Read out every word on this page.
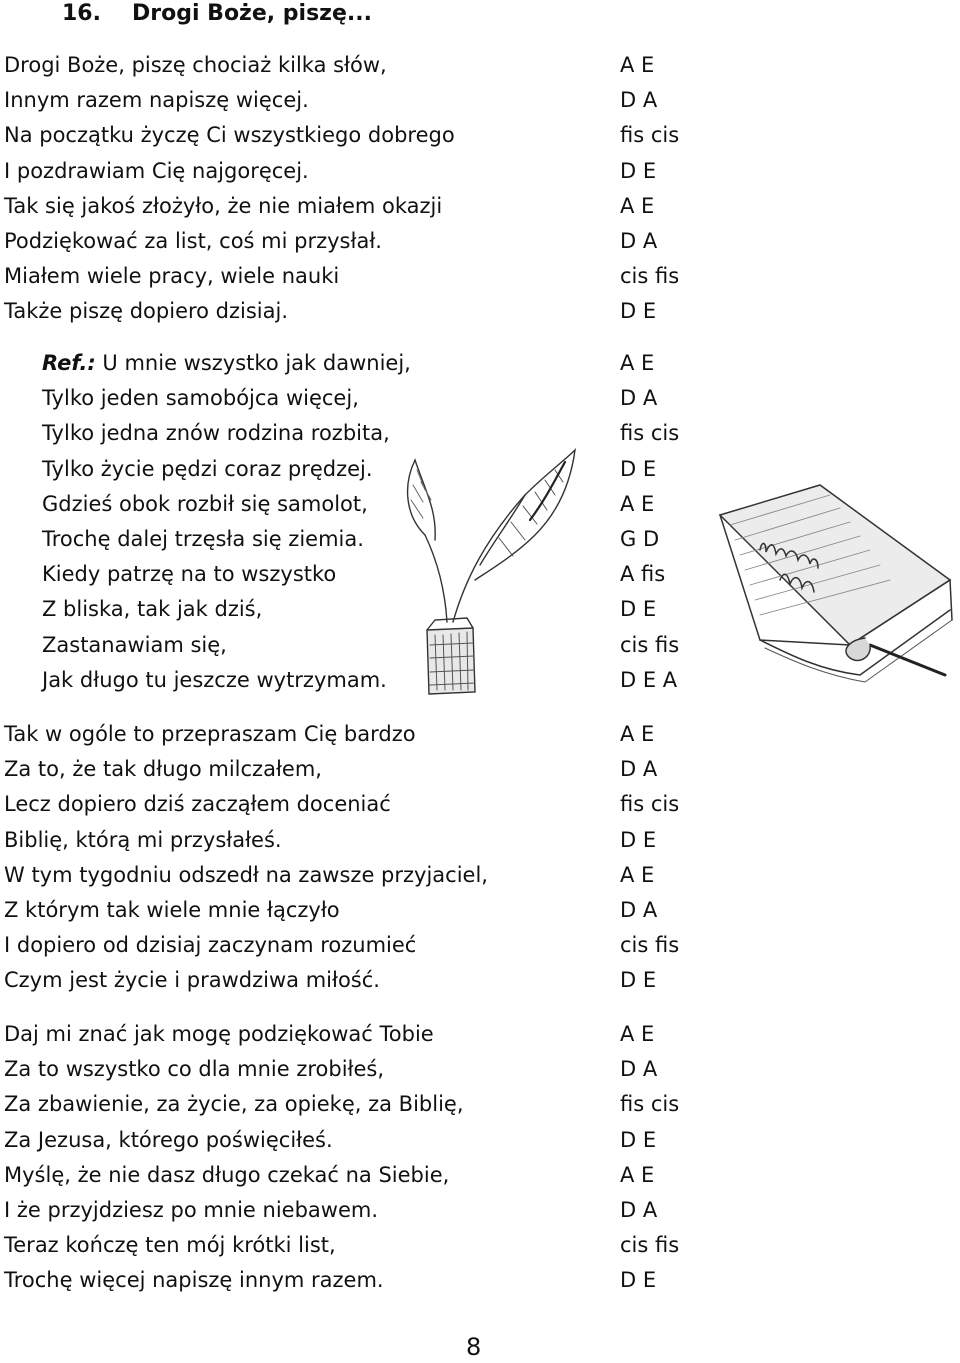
16. Drogi Boże, piszę...
Drogi Boże, piszę chociaż kilka słów,	A E
Innym razem napiszę więcej.	D A
Na początku życzę Ci wszystkiego dobrego	fis cis
I pozdrawiam Cię najgoręcej.	D E
Tak się jakoś złożyło, że nie miałem okazji	A E
Podziękować za list, coś mi przysłał.	D A
Miałem wiele pracy, wiele nauki	cis fis
Także piszę dopiero dzisiaj.	D E
Ref.: U mnie wszystko jak dawniej,	A E
Tylko jeden samobójca więcej,	D A
Tylko jedna znów rodzina rozbita,	fis cis
Tylko życie pędzi coraz prędzej.	D E
Gdzieś obok rozbił się samolot,	A E
Trochę dalej trzęsła się ziemia.	G D
Kiedy patrzę na to wszystko	A fis
Z bliska, tak jak dziś,	D E
Zastanawiam się,	cis fis
Jak długo tu jeszcze wytrzymam.	D E A
Tak w ogóle to przepraszam Cię bardzo	A E
Za to, że tak długo milczałem,	D A
Lecz dopiero dziś zacząłem doceniać	fis cis
Biblię, którą mi przysłałeś.	D E
W tym tygodniu odszedł na zawsze przyjaciel,	A E
Z którym tak wiele mnie łączyło	D A
I dopiero od dzisiaj zaczynam rozumieć	cis fis
Czym jest życie i prawdziwa miłość.	D E
Daj mi znać jak mogę podziękować Tobie	A E
Za to wszystko co dla mnie zrobiłeś,	D A
Za zbawienie, za życie, za opiekę, za Biblię,	fis cis
Za Jezusa, którego poświęciłeś.	D E
Myślę, że nie dasz długo czekać na Siebie,	A E
I że przyjdziesz po mnie niebawem.	D A
Teraz kończę ten mój krótki list,	cis fis
Trochę więcej napiszę innym razem.	D E
8
